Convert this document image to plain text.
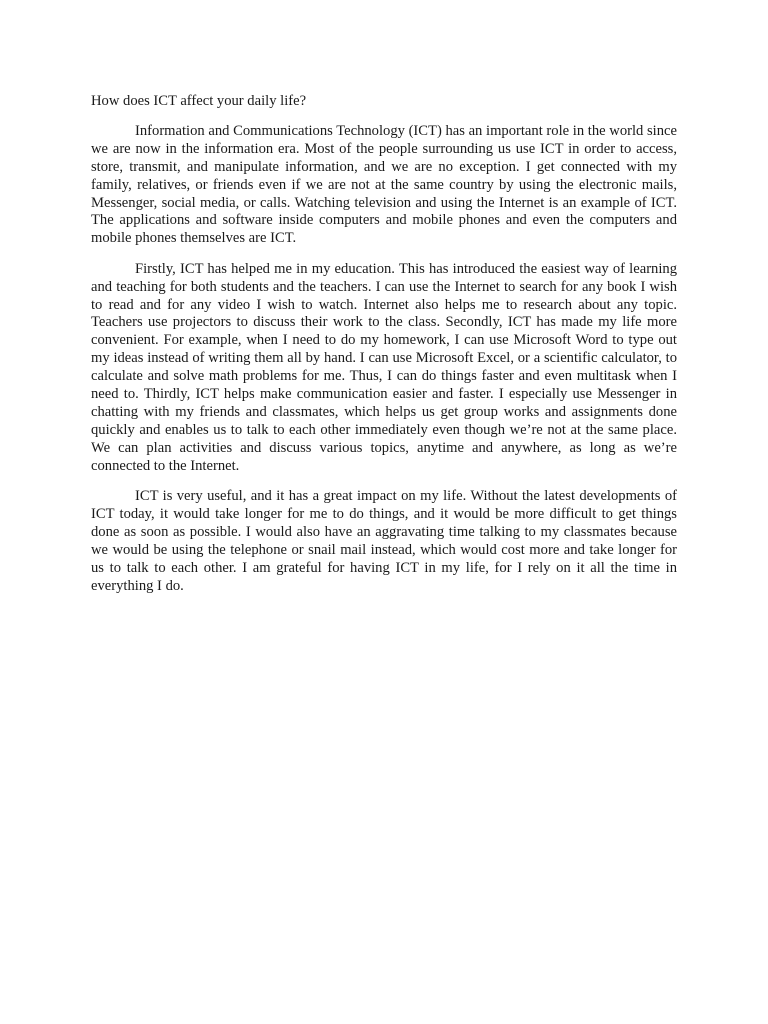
How does ICT affect your daily life?

Information and Communications Technology (ICT) has an important role in the world since we are now in the information era. Most of the people surrounding us use ICT in order to access, store, transmit, and manipulate information, and we are no exception. I get connected with my family, relatives, or friends even if we are not at the same country by using the electronic mails, Messenger, social media, or calls. Watching television and using the Internet is an example of ICT. The applications and software inside computers and mobile phones and even the computers and mobile phones themselves are ICT.

Firstly, ICT has helped me in my education. This has introduced the easiest way of learning and teaching for both students and the teachers. I can use the Internet to search for any book I wish to read and for any video I wish to watch. Internet also helps me to research about any topic. Teachers use projectors to discuss their work to the class. Secondly, ICT has made my life more convenient. For example, when I need to do my homework, I can use Microsoft Word to type out my ideas instead of writing them all by hand. I can use Microsoft Excel, or a scientific calculator, to calculate and solve math problems for me. Thus, I can do things faster and even multitask when I need to. Thirdly, ICT helps make communication easier and faster. I especially use Messenger in chatting with my friends and classmates, which helps us get group works and assignments done quickly and enables us to talk to each other immediately even though we’re not at the same place. We can plan activities and discuss various topics, anytime and anywhere, as long as we’re connected to the Internet.

ICT is very useful, and it has a great impact on my life. Without the latest developments of ICT today, it would take longer for me to do things, and it would be more difficult to get things done as soon as possible. I would also have an aggravating time talking to my classmates because we would be using the telephone or snail mail instead, which would cost more and take longer for us to talk to each other. I am grateful for having ICT in my life, for I rely on it all the time in everything I do.
